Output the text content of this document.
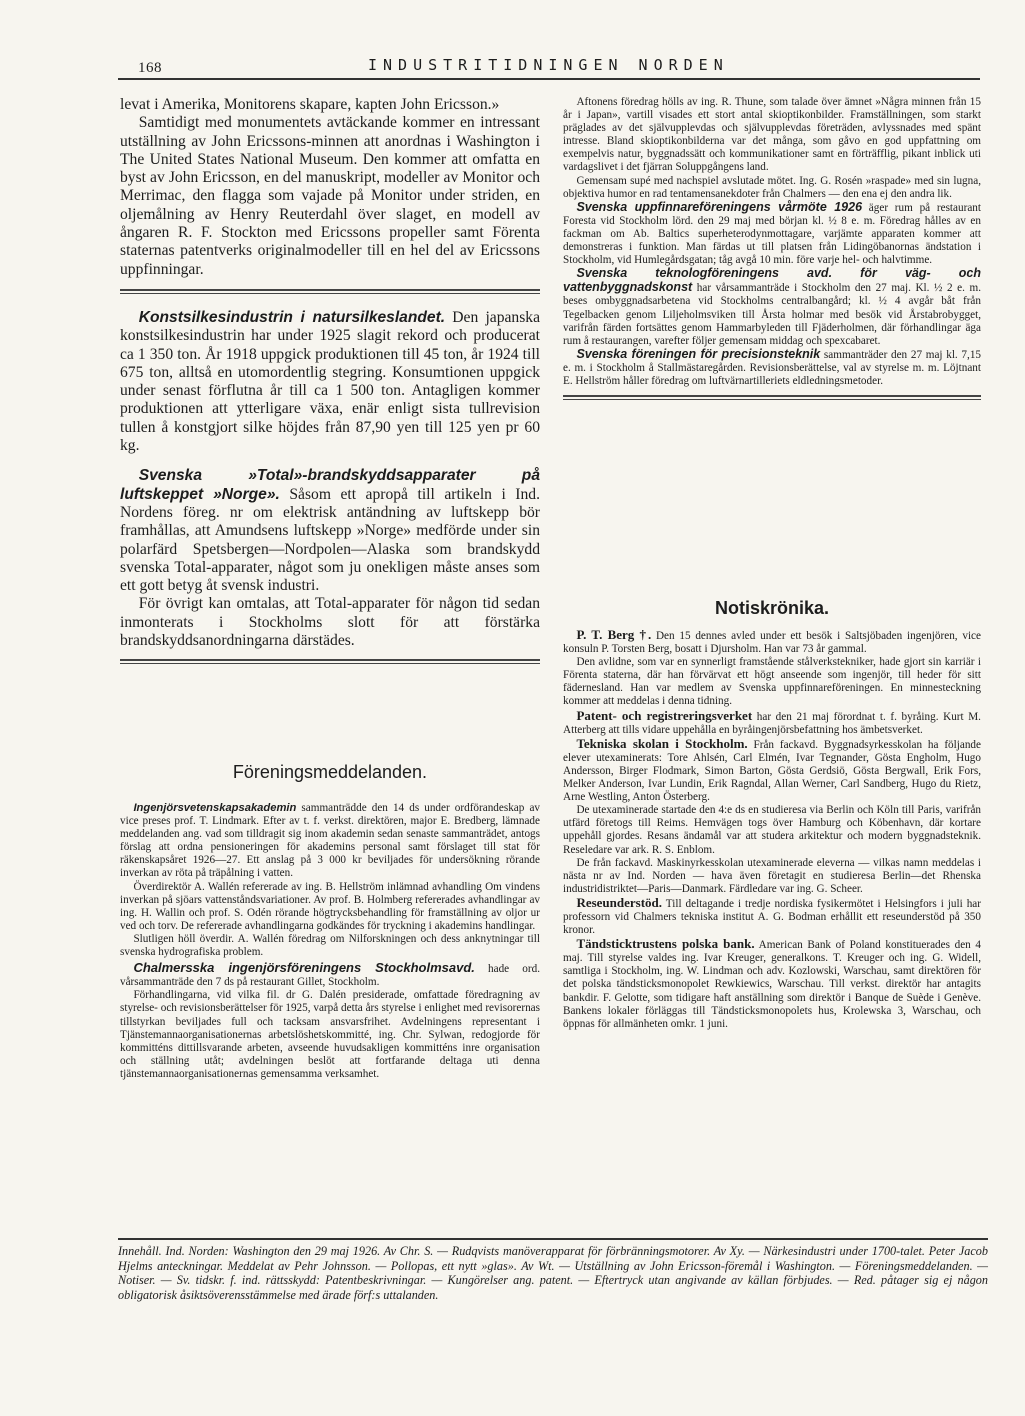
168	INDUSTRITIDNINGEN NORDEN

levat i Amerika, Monitorens skapare, kapten John Ericsson.»

Samtidigt med monumentets avtäckande kommer en intressant utställning av John Ericssons-minnen att anordnas i Washington i The United States National Museum. Den kommer att omfatta en byst av John Ericsson, en del manuskript, modeller av Monitor och Merrimac, den flagga som vajade på Monitor under striden, en oljemålning av Henry Reuterdahl över slaget, en modell av ångaren R. F. Stockton med Ericssons propeller samt Förenta staternas patentverks originalmodeller till en hel del av Ericssons uppfinningar.

Konstsilkesindustrin i natursilkeslandet. Den japanska konstsilkesindustrin har under 1925 slagit rekord och producerat ca 1 350 ton. År 1918 uppgick produktionen till 45 ton, år 1924 till 675 ton, alltså en utomordentlig stegring. Konsumtionen uppgick under senast förflutna år till ca 1 500 ton. Antagligen kommer produktionen att ytterligare växa, enär enligt sista tullrevision tullen å konstgjort silke höjdes från 87,90 yen till 125 yen pr 60 kg.

Svenska »Total»-brandskyddsapparater på luftskeppet »Norge». Såsom ett apropå till artikeln i Ind. Nordens föreg. nr om elektrisk antändning av luftskepp bör framhållas, att Amundsens luftskepp »Norge» medförde under sin polarfärd Spetsbergen—Nordpolen—Alaska som brandskydd svenska Total-apparater, något som ju onekligen måste anses som ett gott betyg åt svensk industri.

För övrigt kan omtalas, att Total-apparater för någon tid sedan inmonterats i Stockholms slott för att förstärka brandskyddsanordningarna därstädes.

Föreningsmeddelanden.

Ingenjörsvetenskapsakademin sammanträdde den 14 ds under ordförandeskap av vice preses prof. T. Lindmark. Efter av t. f. verkst. direktören, major E. Bredberg, lämnade meddelanden ang. vad som tilldragit sig inom akademin sedan senaste sammanträdet, antogs förslag att ordna pensioneringen för akademins personal samt förslaget till stat för räkenskapsåret 1926—27. Ett anslag på 3 000 kr beviljades för undersökning rörande inverkan av röta på träpålning i vatten.

Överdirektör A. Wallén refererade av ing. B. Hellström inlämnad avhandling Om vindens inverkan på sjöars vattenståndsvariationer. Av prof. B. Holmberg refererades avhandlingar av ing. H. Wallin och prof. S. Odén rörande högtrycksbehandling för framställning av oljor ur ved och torv. De refererade avhandlingarna godkändes för tryckning i akademins handlingar.

Slutligen höll överdir. A. Wallén föredrag om Nilforskningen och dess anknytningar till svenska hydrografiska problem.

Chalmersska ingenjörsföreningens Stockholmsavd. hade ord. vårsammanträde den 7 ds på restaurant Gillet, Stockholm.

Förhandlingarna, vid vilka fil. dr G. Dalén presiderade, omfattade föredragning av styrelse- och revisionsberättelser för 1925, varpå detta års styrelse i enlighet med revisorernas tillstyrkan beviljades full och tacksam ansvarsfrihet. Avdelningens representant i Tjänstemannaorganisationernas arbetslöshetskommitté, ing. Chr. Sylwan, redogjorde för kommitténs dittillsvarande arbeten, avseende huvudsakligen kommitténs inre organisation och ställning utåt; avdelningen beslöt att fortfarande deltaga uti denna tjänstemannaorganisationernas gemensamma verksamhet.

Aftonens föredrag hölls av ing. R. Thune, som talade över ämnet »Några minnen från 15 år i Japan», vartill visades ett stort antal skioptikonbilder. Framställningen, som starkt präglades av det självupplevdas och självupplevdas företräden, avlyssnades med spänt intresse. Bland skioptikonbilderna var det många, som gåvo en god uppfattning om exempelvis natur, byggnadssätt och kommunikationer samt en förträfflig, pikant inblick uti vardagslivet i det fjärran Soluppgångens land.

Gemensam supé med nachspiel avslutade mötet. Ing. G. Rosén »raspade» med sin lugna, objektiva humor en rad tentamensanekdoter från Chalmers — den ena ej den andra lik.

Svenska uppfinnareföreningens vårmöte 1926 äger rum på restaurant Foresta vid Stockholm lörd. den 29 maj med början kl. ½ 8 e. m. Föredrag hålles av en fackman om Ab. Baltics superheterodynmottagare, varjämte apparaten kommer att demonstreras i funktion. Man färdas ut till platsen från Lidingöbanornas ändstation i Stockholm, vid Humlegårdsgatan; tåg avgå 10 min. före varje hel- och halvtimme.

Svenska teknologföreningens avd. för väg- och vattenbyggnadskonst har vårsammanträde i Stockholm den 27 maj. Kl. ½ 2 e. m. beses ombyggnadsarbetena vid Stockholms centralbangård; kl. ½ 4 avgår båt från Tegelbacken genom Liljeholmsviken till Årsta holmar med besök vid Årstabrobygget, varifrån färden fortsättes genom Hammarbyleden till Fjäderholmen, där förhandlingar äga rum å restaurangen, varefter följer gemensam middag och spexcabaret.

Svenska föreningen för precisionsteknik sammanträder den 27 maj kl. 7,15 e. m. i Stockholm å Stallmästaregården. Revisionsberättelse, val av styrelse m. m. Löjtnant E. Hellström håller föredrag om luftvärnartilleriets eldledningsmetoder.

Notiskrönika.

P. T. Berg †. Den 15 dennes avled under ett besök i Saltsjöbaden ingenjören, vice konsuln P. Torsten Berg, bosatt i Djursholm. Han var 73 år gammal.

Den avlidne, som var en synnerligt framstående stålverkstekniker, hade gjort sin karriär i Förenta staterna, där han förvärvat ett högt anseende som ingenjör, till heder för sitt fädernesland. Han var medlem av Svenska uppfinnareföreningen. En minnesteckning kommer att meddelas i denna tidning.

Patent- och registreringsverket har den 21 maj förordnat t. f. byråing. Kurt M. Atterberg att tills vidare uppehålla en byråingenjörsbefattning hos ämbetsverket.

Tekniska skolan i Stockholm. Från fackavd. Byggnadsyrkesskolan ha följande elever utexaminerats: Tore Ahlsén, Carl Elmén, Ivar Tegnander, Gösta Engholm, Hugo Andersson, Birger Flodmark, Simon Barton, Gösta Gerdsiö, Gösta Bergwall, Erik Fors, Melker Anderson, Ivar Lundin, Erik Ragndal, Allan Werner, Carl Sandberg, Hugo du Rietz, Arne Westling, Anton Österberg.

De utexaminerade startade den 4:e ds en studieresa via Berlin och Köln till Paris, varifrån utfärd företogs till Reims. Hemvägen togs över Hamburg och Köbenhavn, där kortare uppehåll gjordes. Resans ändamål var att studera arkitektur och modern byggnadsteknik. Reseledare var ark. R. S. Enblom.

De från fackavd. Maskinyrkesskolan utexaminerade eleverna — vilkas namn meddelas i nästa nr av Ind. Norden — hava även företagit en studieresa Berlin—det Rhenska industridistriktet—Paris—Danmark. Färdledare var ing. G. Scheer.

Reseunderstöd. Till deltagande i tredje nordiska fysikermötet i Helsingfors i juli har professorn vid Chalmers tekniska institut A. G. Bodman erhållit ett reseunderstöd på 350 kronor.

Tändsticktrustens polska bank. American Bank of Poland konstituerades den 4 maj. Till styrelse valdes ing. Ivar Kreuger, generalkons. T. Kreuger och ing. G. Widell, samtliga i Stockholm, ing. W. Lindman och adv. Kozlowski, Warschau, samt direktören för det polska tändsticksmonopolet Rewkiewics, Warschau. Till verkst. direktör har antagits bankdir. F. Gelotte, som tidigare haft anställning som direktör i Banque de Suède i Genève. Bankens lokaler förläggas till Tändsticksmonopolets hus, Krolewska 3, Warschau, och öppnas för allmänheten omkr. 1 juni.

Innehåll. Ind. Norden: Washington den 29 maj 1926. Av Chr. S. — Rudqvists manöverapparat för förbränningsmotorer. Av Xy. — Närkesindustri under 1700-talet. Peter Jacob Hjelms anteckningar. Meddelat av Pehr Johnsson. — Pollopas, ett nytt »glas». Av Wt. — Utställning av John Ericsson-föremål i Washington. — Föreningsmeddelanden. — Notiser. — Sv. tidskr. f. ind. rättsskydd: Patentbeskrivningar. — Kungörelser ang. patent. — Eftertryck utan angivande av källan förbjudes. — Red. påtager sig ej någon obligatorisk åsiktsöverensstämmelse med ärade förf:s uttalanden.
